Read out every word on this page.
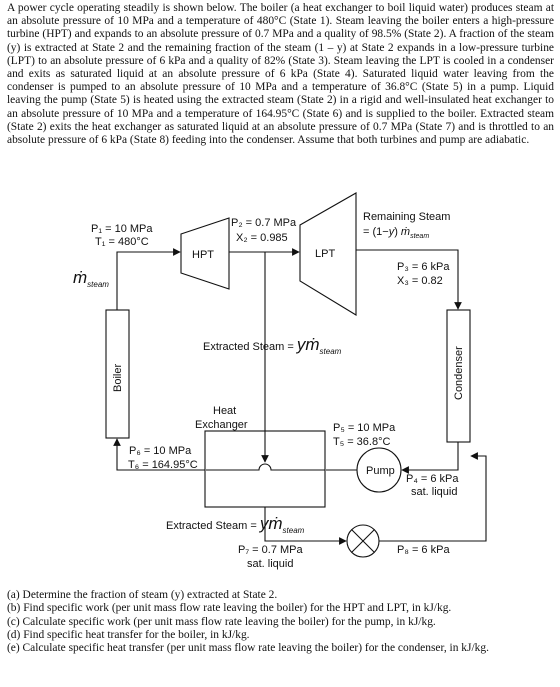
A power cycle operating steadily is shown below. The boiler (a heat exchanger to boil liquid water) produces steam at an absolute pressure of 10 MPa and a temperature of 480°C (State 1). Steam leaving the boiler enters a high-pressure turbine (HPT) and expands to an absolute pressure of 0.7 MPa and a quality of 98.5% (State 2). A fraction of the steam (y) is extracted at State 2 and the remaining fraction of the steam (1 – y) at State 2 expands in a low-pressure turbine (LPT) to an absolute pressure of 6 kPa and a quality of 82% (State 3). Steam leaving the LPT is cooled in a condenser and exits as saturated liquid at an absolute pressure of 6 kPa (State 4). Saturated liquid water leaving from the condenser is pumped to an absolute pressure of 10 MPa and a temperature of 36.8°C (State 5) in a pump. Liquid leaving the pump (State 5) is heated using the extracted steam (State 2) in a rigid and well-insulated heat exchanger to an absolute pressure of 10 MPa and a temperature of 164.95°C (State 6) and is supplied to the boiler. Extracted steam (State 2) exits the heat exchanger as saturated liquid at an absolute pressure of 0.7 MPa (State 7) and is throttled to an absolute pressure of 6 kPa (State 8) feeding into the condenser. Assume that both turbines and pump are adiabatic.

P₁ = 10 MPa
T₁ = 480°C
ṁ$_{steam}$
HPT
P₂ = 0.7 MPa
X₂ = 0.985
LPT
Remaining Steam
= (1−y) ṁ$_{steam}$
P₃ = 6 kPa
X₃ = 0.82
Extracted Steam = yṁ$_{steam}$
Boiler	Condenser
Heat
Exchanger
P₆ = 10 MPa
T₆ = 164.95°C
P₅ = 10 MPa
T₅ = 36.8°C
Pump
P₄ = 6 kPa
sat. liquid
Extracted Steam = yṁ$_{steam}$
P₇ = 0.7 MPa
sat. liquid
P₈ = 6 kPa
(a) Determine the fraction of steam (y) extracted at State 2.
(b) Find specific work (per unit mass flow rate leaving the boiler) for the HPT and LPT, in kJ/kg.
(c) Calculate specific work (per unit mass flow rate leaving the boiler) for the pump, in kJ/kg.
(d) Find specific heat transfer for the boiler, in kJ/kg.
(e) Calculate specific heat transfer (per unit mass flow rate leaving the boiler) for the condenser, in kJ/kg.
